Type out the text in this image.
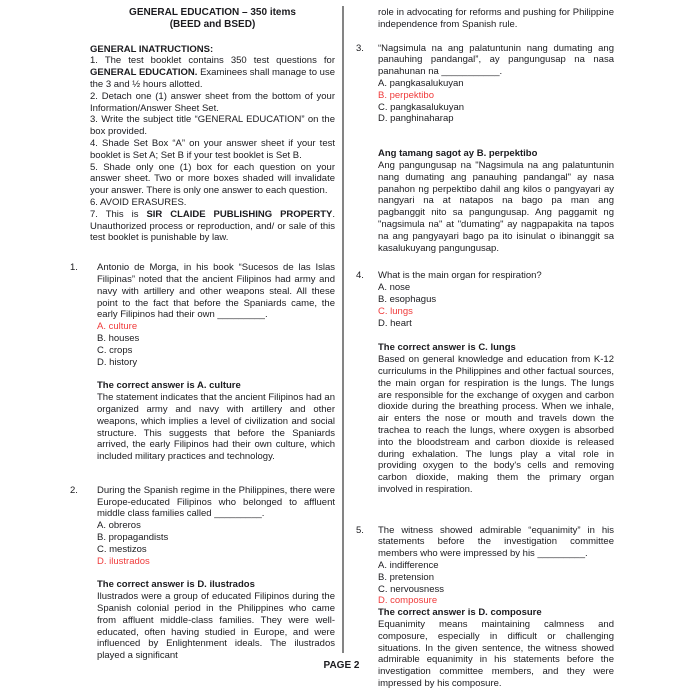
GENERAL EDUCATION – 350 items
(BEED and BSED)
GENERAL INATRUCTIONS:

1. The test booklet contains 350 test questions for GENERAL EDUCATION. Examinees shall manage to use the 3 and ½ hours allotted.

2. Detach one (1) answer sheet from the bottom of your Information/Answer Sheet Set.

3. Write the subject title “GENERAL EDUCATION” on the box provided.

4. Shade Set Box “A” on your answer sheet if your test booklet is Set A; Set B if your test booklet is Set B.

5. Shade only one (1) box for each question on your answer sheet. Two or more boxes shaded will invalidate your answer. There is only one answer to each question.

6. AVOID ERASURES.

7. This is SIR CLAIDE PUBLISHING PROPERTY. Unauthorized process or reproduction, and/ or sale of this test booklet is punishable by law.

1.	Antonio de Morga, in his book “Sucesos de las Islas Filipinas” noted that the ancient Filipinos had army and navy with artillery and other weapons steal. All these point to the fact that before the Spaniards came, the early Filipinos had their own _________.

A. culture
B. houses
C. crops
D. history
The correct answer is A. culture

The statement indicates that the ancient Filipinos had an organized army and navy with artillery and other weapons, which implies a level of civilization and social structure. This suggests that before the Spaniards arrived, the early Filipinos had their own culture, which included military practices and technology.

2.	During the Spanish regime in the Philippines, there were Europe-educated Filipinos who belonged to affluent middle class families called _________.

A. obreros
B. propagandists
C. mestizos
D. ilustrados
The correct answer is D. ilustrados

Ilustrados were a group of educated Filipinos during the Spanish colonial period in the Philippines who came from affluent middle-class families. They were well-educated, often having studied in Europe, and were influenced by Enlightenment ideals. The ilustrados played a significant

role in advocating for reforms and pushing for Philippine independence from Spanish rule.

3.	“Nagsimula na ang palatuntunin nang dumating ang panauhing pandangal”, ay pangungusap na nasa panahunan na ___________.

A. pangkasalukuyan
B. perpektibo
C. pangkasalukuyan
D. panghinaharap
Ang tamang sagot ay B. perpektibo

Ang pangungusap na "Nagsimula na ang palatuntunin nang dumating ang panauhing pandangal" ay nasa panahon ng perpektibo dahil ang kilos o pangyayari ay nangyari na at natapos na bago pa man ang pagbanggit nito sa pangungusap. Ang paggamit ng "nagsimula na" at "dumating" ay nagpapakita na tapos na ang pangyayari bago pa ito isinulat o ibinanggit sa kasalukuyang pangungusap.

4.	What is the main organ for respiration?

A. nose
B. esophagus
C. lungs
D. heart
The correct answer is C. lungs

Based on general knowledge and education from K-12 curriculums in the Philippines and other factual sources, the main organ for respiration is the lungs. The lungs are responsible for the exchange of oxygen and carbon dioxide during the breathing process. When we inhale, air enters the nose or mouth and travels down the trachea to reach the lungs, where oxygen is absorbed into the bloodstream and carbon dioxide is released during exhalation. The lungs play a vital role in providing oxygen to the body's cells and removing carbon dioxide, making them the primary organ involved in respiration.

5.	The witness showed admirable “equanimity” in his statements before the investigation committee members who were impressed by his _________.

A. indifference
B. pretension
C. nervousness
D. composure
The correct answer is D. composure

Equanimity means maintaining calmness and composure, especially in difficult or challenging situations. In the given sentence, the witness showed admirable equanimity in his statements before the investigation committee members, and they were impressed by his composure.

PAGE 2
